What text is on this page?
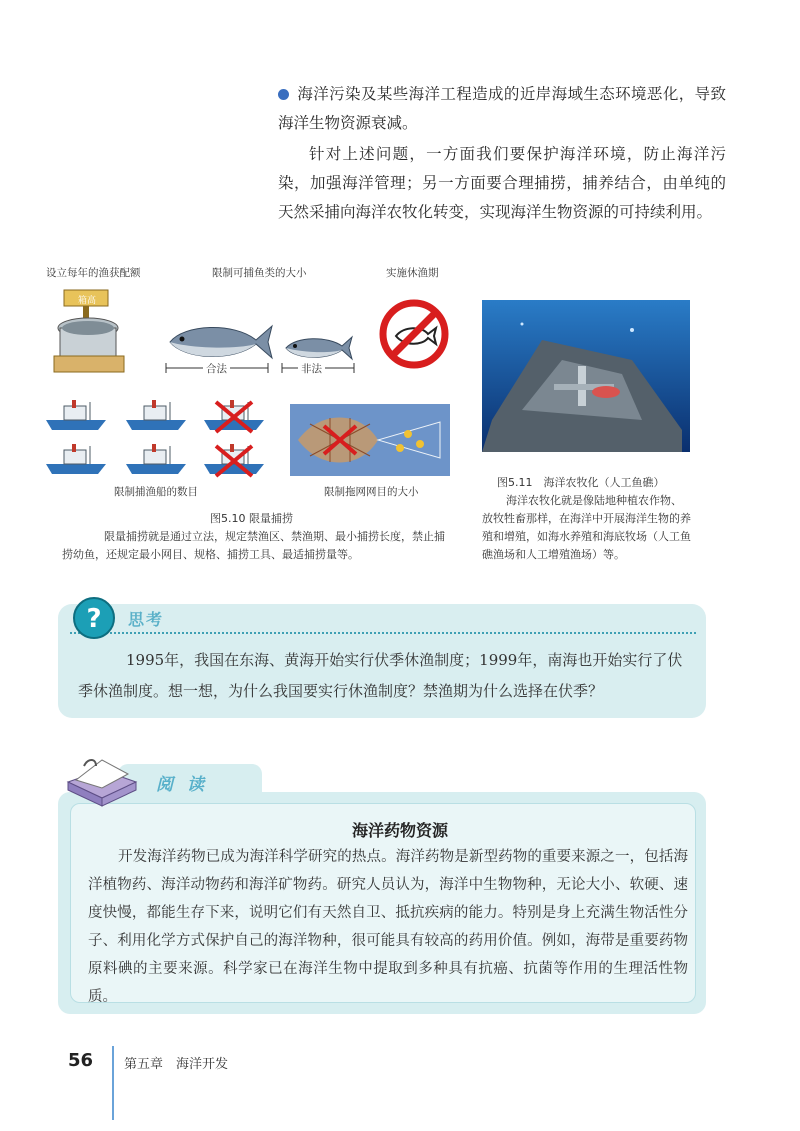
海洋污染及某些海洋工程造成的近岸海域生态环境恶化，导致海洋生物资源衰减。
针对上述问题，一方面我们要保护海洋环境，防止海洋污染，加强海洋管理；另一方面要合理捕捞，捕养结合，由单纯的天然采捕向海洋农牧化转变，实现海洋生物资源的可持续利用。
设立每年的渔获配额	限制可捕鱼类的大小	实施休渔期
箱高
合法	非法
限制捕渔船的数目	限制拖网网目的大小
图5.10 限量捕捞
限量捕捞就是通过立法，规定禁渔区、禁渔期、最小捕捞长度，禁止捕捞幼鱼，还规定最小网目、规格、捕捞工具、最适捕捞量等。
图5.11　海洋农牧化（人工鱼礁）
海洋农牧化就是像陆地种植农作物、放牧牲畜那样，在海洋中开展海洋生物的养殖和增殖，如海水养殖和海底牧场（人工鱼礁渔场和人工增殖渔场）等。
? 思考
1995年，我国在东海、黄海开始实行伏季休渔制度；1999年，南海也开始实行了伏季休渔制度。想一想，为什么我国要实行休渔制度？禁渔期为什么选择在伏季？
阅读
海洋药物资源
开发海洋药物已成为海洋科学研究的热点。海洋药物是新型药物的重要来源之一，包括海洋植物药、海洋动物药和海洋矿物药。研究人员认为，海洋中生物物种，无论大小、软硬、速度快慢，都能生存下来，说明它们有天然自卫、抵抗疾病的能力。特别是身上充满生物活性分子、利用化学方式保护自己的海洋物种，很可能具有较高的药用价值。例如，海带是重要药物原料碘的主要来源。科学家已在海洋生物中提取到多种具有抗癌、抗菌等作用的生理活性物质。
56 第五章　海洋开发
